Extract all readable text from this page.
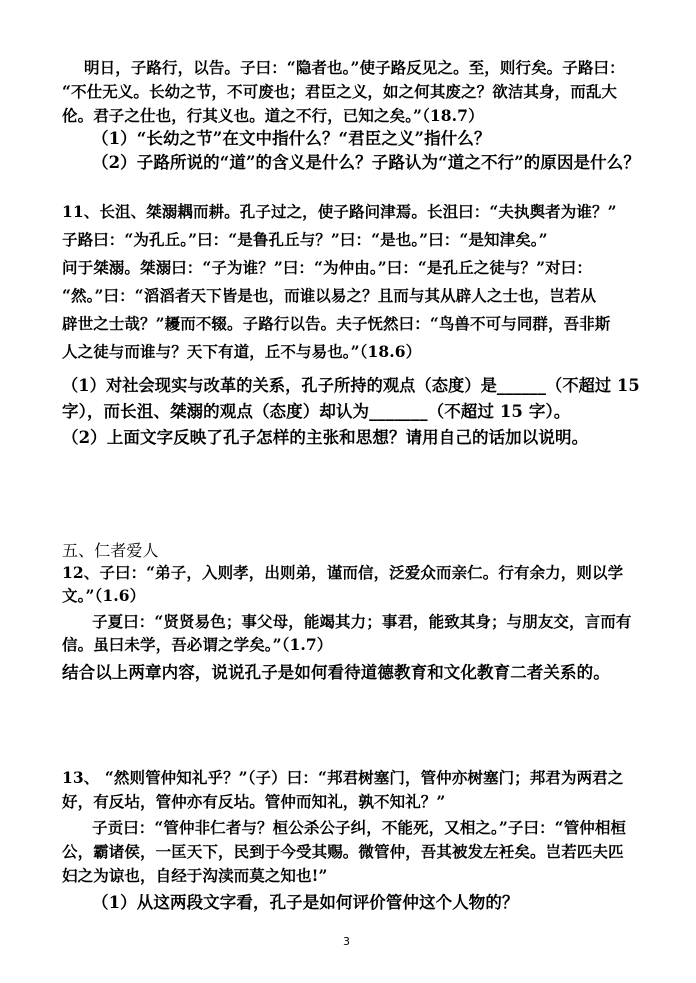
明日，子路行，以告。子曰：“隐者也。”使子路反见之。至，则行矣。子路曰：
“不仕无义。长幼之节，不可废也；君臣之义，如之何其废之？欲洁其身，而乱大
伦。君子之仕也，行其义也。道之不行，已知之矣。”（18.7）
（1）“长幼之节”在文中指什么？“君臣之义”指什么？
（2）子路所说的“道”的含义是什么？子路认为“道之不行”的原因是什么？
11、长沮、桀溺耦而耕。孔子过之，使子路问津焉。长沮曰：“夫执舆者为谁？”
子路曰：“为孔丘。”曰：“是鲁孔丘与？”曰：“是也。”曰：“是知津矣。”
问于桀溺。桀溺曰：“子为谁？”曰：“为仲由。”曰：“是孔丘之徒与？”对曰：
“然。”曰：“滔滔者天下皆是也，而谁以易之？且而与其从辟人之士也，岂若从
辟世之士哉？”耰而不辍。子路行以告。夫子怃然曰：“鸟兽不可与同群，吾非斯
人之徒与而谁与？天下有道，丘不与易也。”（18.6）
（1）对社会现实与改革的关系，孔子所持的观点（态度）是______（不超过 15
字），而长沮、桀溺的观点（态度）却认为_______（不超过 15 字）。
（2）上面文字反映了孔子怎样的主张和思想？请用自己的话加以说明。
五、仁者爱人
12、子曰：“弟子，入则孝，出则弟，谨而信，泛爱众而亲仁。行有余力，则以学
文。”（1.6）
子夏曰：“贤贤易色；事父母，能竭其力；事君，能致其身；与朋友交，言而有
信。虽曰未学，吾必谓之学矣。”（1.7）
结合以上两章内容，说说孔子是如何看待道德教育和文化教育二者关系的。
13、 “然则管仲知礼乎？”（子）曰：“邦君树塞门，管仲亦树塞门；邦君为两君之
好，有反坫，管仲亦有反坫。管仲而知礼，孰不知礼？”
子贡曰：“管仲非仁者与？桓公杀公子纠，不能死，又相之。”子曰：“管仲相桓
公，霸诸侯，一匡天下，民到于今受其赐。微管仲，吾其被发左衽矣。岂若匹夫匹
妇之为谅也，自经于沟渎而莫之知也!”
（1）从这两段文字看，孔子是如何评价管仲这个人物的？
3
